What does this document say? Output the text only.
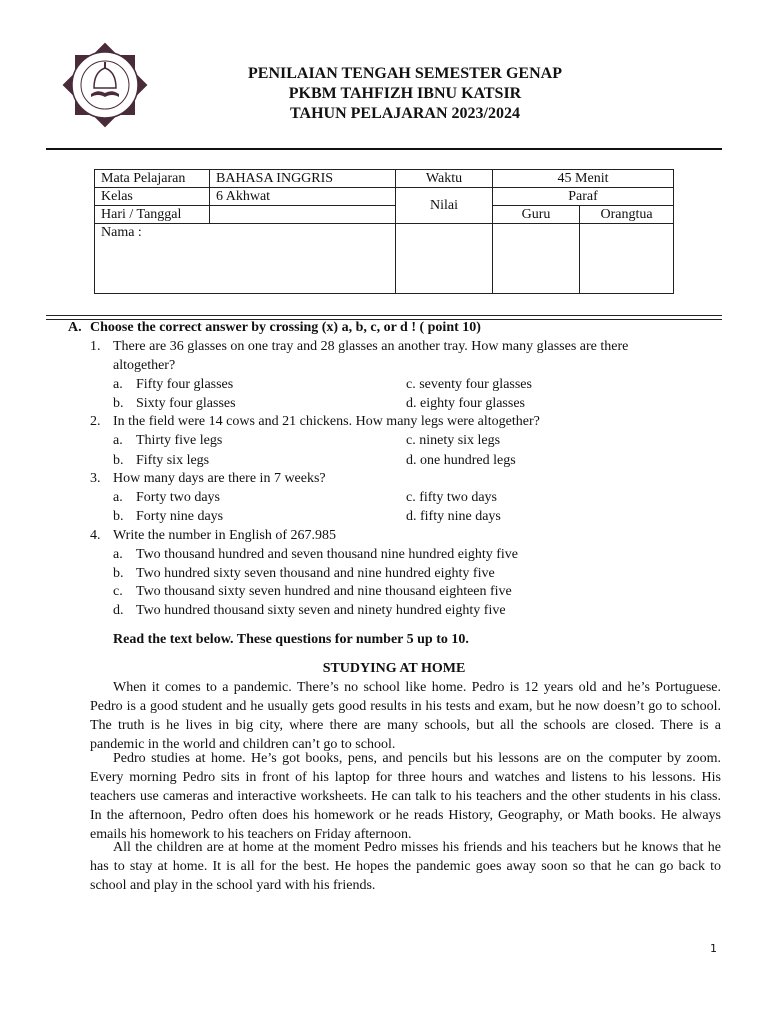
PENILAIAN TENGAH SEMESTER GENAP
PKBM TAHFIZH IBNU KATSIR
TAHUN PELAJARAN 2023/2024
Mata Pelajaran	BAHASA INGGRIS	Waktu	45 Menit	
Kelas	6 Akhwat	Nilai	Paraf	
Hari / Tanggal			Guru	Orangtua
Nama :				
A. Choose the correct answer by crossing (x) a, b, c, or d ! ( point 10)
1. There are 36 glasses on one tray and 28 glasses an another tray. How many glasses are there
altogether?
a. Fifty four glasses	c. seventy four glasses
b. Sixty four glasses	d. eighty four glasses
2. In the field were 14 cows and 21 chickens. How many legs were altogether?
a. Thirty five legs	c. ninety six legs
b. Fifty six legs	d. one hundred legs
3. How many days are there in 7 weeks?
a. Forty two days	c. fifty two days
b. Forty nine days	d. fifty nine days
4. Write the number in English of 267.985
a. Two thousand hundred and seven thousand nine hundred eighty five
b. Two hundred sixty seven thousand and nine hundred eighty five
c. Two thousand sixty seven hundred and nine thousand eighteen five
d. Two hundred thousand sixty seven and ninety hundred eighty five
Read the text below. These questions for number 5 up to 10.
STUDYING AT HOME
When it comes to a pandemic. There’s no school like home. Pedro is 12 years old and he’s Portuguese. Pedro is a good student and he usually gets good results in his tests and exam, but he now doesn’t go to school. The truth is he lives in big city, where there are many schools, but all the schools are closed. There is a pandemic in the world and children can’t go to school.
Pedro studies at home. He’s got books, pens, and pencils but his lessons are on the computer by zoom. Every morning Pedro sits in front of his laptop for three hours and watches and listens to his lessons. His teachers use cameras and interactive worksheets. He can talk to his teachers and the other students in his class. In the afternoon, Pedro often does his homework or he reads History, Geography, or Math books. He always emails his homework to his teachers on Friday afternoon.
All the children are at home at the moment Pedro misses his friends and his teachers but he knows that he has to stay at home. It is all for the best. He hopes the pandemic goes away soon so that he can go back to school and play in the school yard with his friends.
1
